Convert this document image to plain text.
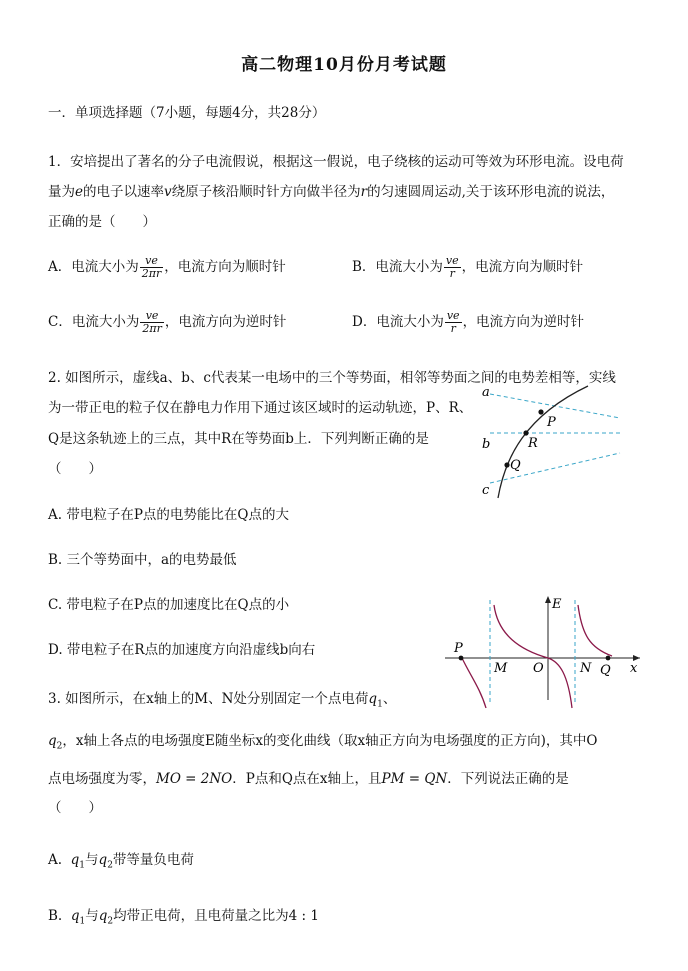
高二物理10月份月考试题
一．单项选择题（7小题，每题4分，共28分）
1．安培提出了著名的分子电流假说，根据这一假说，电子绕核的运动可等效为环形电流。设电荷
量为e的电子以速率v绕原子核沿顺时针方向做半径为r的匀速圆周运动,关于该环形电流的说法，
正确的是（　　）
A．电流大小为 $\frac{ve}{2\pi r}$ ，电流方向为顺时针	B．电流大小为 $\frac{ve}{r}$ ，电流方向为顺时针
C．电流大小为 $\frac{ve}{2\pi r}$ ，电流方向为逆时针	D．电流大小为 $\frac{ve}{r}$ ，电流方向为逆时针
2. 如图所示，虚线a、b、c代表某一电场中的三个等势面，相邻等势面之间的电势差相等，实线
为一带正电的粒子仅在静电力作用下通过该区域时的运动轨迹，P、R、
Q是这条轨迹上的三点，其中R在等势面b上．下列判断正确的是
（　　）
a
b
c
P
R
Q
A. 带电粒子在P点的电势能比在Q点的大
B. 三个等势面中，a的电势最低
C. 带电粒子在P点的加速度比在Q点的小
D. 带电粒子在R点的加速度方向沿虚线b向右
E
x
P
M O	N Q
3. 如图所示，在x轴上的M、N处分别固定一个点电荷$q_1$、
$q_2$，x轴上各点的电场强度E随坐标x的变化曲线（取x轴正方向为电场强度的正方向)，其中O
点电场强度为零，MO = 2NO．P点和Q点在x轴上，且PM = QN．下列说法正确的是
（　　）
A. $q_1$与$q_2$带等量负电荷
B. $q_1$与$q_2$均带正电荷，且电荷量之比为4 : 1
